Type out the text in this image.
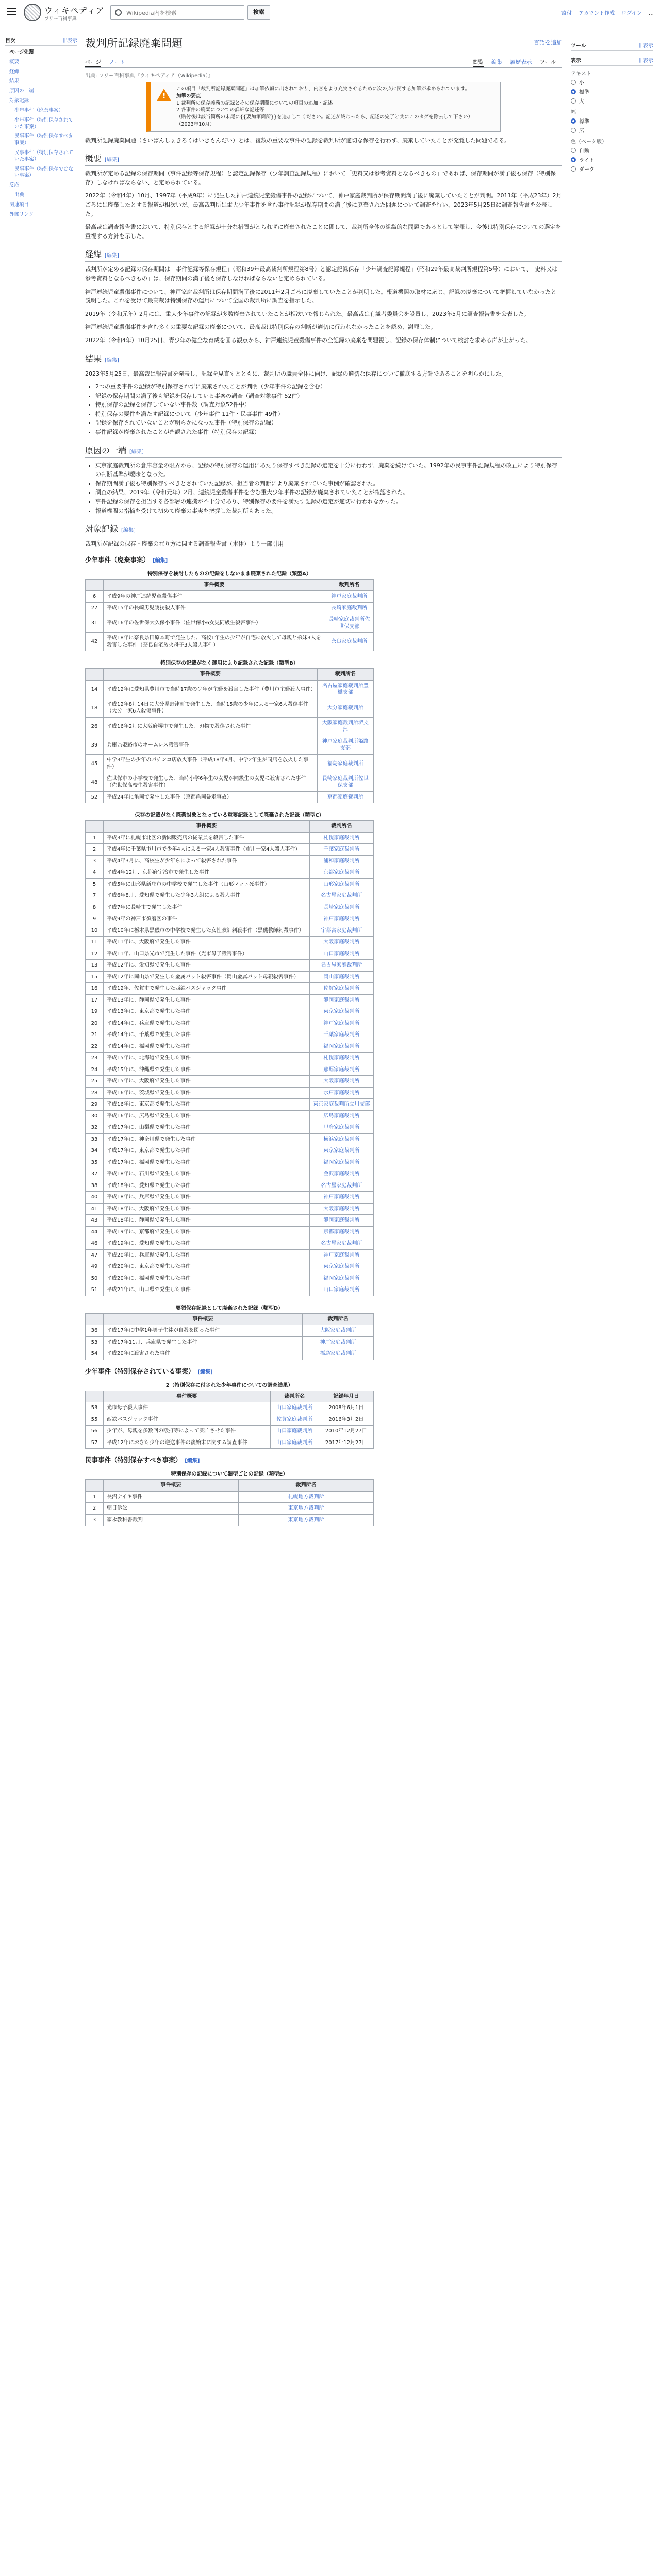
ウィキペディア
フリー百科事典
Wikipedia内を検索
検索	寄付 アカウント作成 ログイン …
目次	非表示
ページ先頭
概要
経緯
結果
原因の一端
対象記録
少年事件（廃棄事案）
少年事件（特別保存されていた事案）
民事事件（特別保存すべき事案）
民事事件（特別保存されていた事案）
民事事件（特別保存ではない事案）
反応
出典
関連項目
外部リンク
裁判所記録廃棄問題	言語を追加
ページ ノート	閲覧 編集 履歴表示 ツール
出典: フリー百科事典『ウィキペディア（Wikipedia）』
!
この項目「裁判所記録廃棄問題」は加筆依頼に出されており、内容をより充実させるために次の点に関する加筆が求められています。
加筆の要点
1.裁判所の保存義務の記録とその保存期間についての項目の追加・記述
2.各事件の廃棄についての詳細な記述等
（貼付後は該当箇所の末尾に{{要加筆箇所}}を追加してください。記述が終わったら、記述の完了と共にこのタグを除去して下さい）
（2023年10月）

裁判所記録廃棄問題（さいばんしょきろくはいきもんだい）とは、複数の重要な事件の記録を裁判所が適切な保存を行わず、廃棄していたことが発覚した問題である。

概要 [編集]

裁判所が定める記録の保存期間（事件記録等保存規程）と認定記録保存（少年調査記録規程）において「史料又は参考資料となるべきもの」であれば、保存期間が満了後も保存（特別保存）しなければならない、と定められている。

2022年（令和4年）10月、1997年（平成9年）に発生した神戸連続児童殺傷事件の記録について、神戸家庭裁判所が保存期間満了後に廃棄していたことが判明。2011年（平成23年）2月ごろには廃棄したとする報道が相次いだ。最高裁判所は重大少年事件を含む事件記録が保存期間の満了後に廃棄された問題について調査を行い、2023年5月25日に調査報告書を公表した。

最高裁は調査報告書において、特別保存とする記録が十分な措置がとられずに廃棄されたことに関して、裁判所全体の組織的な問題であるとして謝罪し、今後は特別保存についての選定を重視する方針を示した。

経緯 [編集]

裁判所が定める記録の保存期間は「事件記録等保存規程」（昭和39年最高裁判所規程第8号）と認定記録保存「少年調査記録規程」（昭和29年最高裁判所規程第5号）において、「史料又は参考資料となるべきもの」は、保存期間の満了後も保存しなければならないと定められている。

神戸連続児童殺傷事件について、神戸家庭裁判所は保存期間満了後に2011年2月ごろに廃棄していたことが判明した。報道機関の取材に応じ、記録の廃棄について把握していなかったと説明した。これを受けて最高裁は特別保存の運用について全国の裁判所に調査を指示した。

2019年（令和元年）2月には、重大少年事件の記録が多数廃棄されていたことが相次いで報じられた。最高裁は有識者委員会を設置し、2023年5月に調査報告書を公表した。

神戸連続児童殺傷事件を含む多くの重要な記録の廃棄について、最高裁は特別保存の判断が適切に行われなかったことを認め、謝罪した。

2022年（令和4年）10月25日、青少年の健全な育成を図る観点から、神戸連続児童殺傷事件の全記録の廃棄を問題視し、記録の保存体制について検討を求める声が上がった。

結果 [編集]

2023年5月25日、最高裁は報告書を発表し、記録を見直すとともに、裁判所の職員全体に向け、記録の適切な保存について徹底する方針であることを明らかにした。

• 2つの重要事件の記録が特別保存されずに廃棄されたことが判明（少年事件の記録を含む）
• 記録の保存期間の満了後も記録を保存している事案の調査（調査対象事件 52件）
• 特別保存の記録を保存していない事件数（調査対象52件中）
• 特別保存の要件を満たす記録について（少年事件 11件・民事事件 49件）
• 記録を保存されていないことが明らかになった事件（特別保存の記録）
• 事件記録が廃棄されたことが確認された事件（特別保存の記録）
原因の一端 [編集]
• 東京家庭裁判所の倉庫容量の限界から、記録の特別保存の運用にあたり保存すべき記録の選定を十分に行わず、廃棄を続けていた。1992年の民事事件記録規程の改正により特別保存の判断基準が曖昧となった。
• 保存期間満了後も特別保存すべきとされていた記録が、担当者の判断により廃棄されていた事例が確認された。
• 調査の結果、2019年（令和元年）2月、連続児童殺傷事件を含む重大少年事件の記録が廃棄されていたことが確認された。
• 事件記録の保存を担当する各部署の連携が不十分であり、特別保存の要件を満たす記録の選定が適切に行われなかった。
• 報道機関の指摘を受けて初めて廃棄の事実を把握した裁判所もあった。
対象記録 [編集]

裁判所が記録の保存・廃棄の在り方に関する調査報告書（本体）より一部引用

少年事件（廃棄事案） [編集]
特別保存を検討したものの記録をしないまま廃棄された記録（類型A）
	事件概要	裁判所名
6	平成9年の神戸連続児童殺傷事件	神戸家庭裁判所
27	平成15年の長崎男児誘拐殺人事件	長崎家庭裁判所
31	平成16年の佐世保大久保小事件（佐世保小6女児同級生殺害事件）	長崎家庭裁判所佐世保支部
42	平成18年に奈良県田原本町で発生した、高校1年生の少年が自宅に放火して母親と弟妹3人を殺害した事件（奈良自宅放火母子3人殺人事件）	奈良家庭裁判所
特別保存の記載がなく運用により記録された記録（類型B）
	事件概要	裁判所名
14	平成12年に愛知県豊川市で当時17歳の少年が主婦を殺害した事件（豊川市主婦殺人事件）	名古屋家庭裁判所豊橋支部
18	平成12年8月14日に大分県野津町で発生した、当時15歳の少年による一家6人殺傷事件（大分一家6人殺傷事件）	大分家庭裁判所
26	平成16年2月に大阪府堺市で発生した、刃物で殺傷された事件	大阪家庭裁判所堺支部
39	兵庫県姫路市のホームレス殺害事件	神戸家庭裁判所姫路支部
45	中学3年生の少年のパチンコ店放火事件（平成18年4月、中学2年生が同店を放火した事件）	福島家庭裁判所
48	佐世保市の小学校で発生した、当時小学6年生の女児が同級生の女児に殺害された事件（佐世保高校生殺害事件）	長崎家庭裁判所佐世保支部
52	平成24年に亀岡で発生した事件（京都亀岡暴走事故）	京都家庭裁判所
保存の記載がなく廃棄対象となっている重要記録として廃棄された記録（類型C）
	事件概要	裁判所名
1	平成3年に札幌市北区の新聞販売店の従業員を殺害した事件	札幌家庭裁判所
2	平成4年に千葉県市川市で少年4人による一家4人殺害事件（市川一家4人殺人事件）	千葉家庭裁判所
3	平成4年3月に、高校生が少年らによって殺害された事件	浦和家庭裁判所
4	平成4年12月、京都府宇治市で発生した事件	京都家庭裁判所
5	平成5年に山形県新庄市の中学校で発生した事件（山形マット死事件）	山形家庭裁判所
7	平成6年8月、愛知県で発生した少年3人組による殺人事件	名古屋家庭裁判所
8	平成7年に長崎市で発生した事件	長崎家庭裁判所
9	平成9年の神戸市須磨区の事件	神戸家庭裁判所
10	平成10年に栃木県黒磯市の中学校で発生した女性教師刺殺事件（黒磯教師刺殺事件）	宇都宮家庭裁判所
11	平成11年に、大阪府で発生した事件	大阪家庭裁判所
12	平成11年、山口県光市で発生した事件（光市母子殺害事件）	山口家庭裁判所
13	平成12年に、愛知県で発生した事件	名古屋家庭裁判所
15	平成12年に岡山県で発生した金属バット殺害事件（岡山金属バット母親殺害事件）	岡山家庭裁判所
16	平成12年、佐賀市で発生した西鉄バスジャック事件	佐賀家庭裁判所
17	平成13年に、静岡県で発生した事件	静岡家庭裁判所
19	平成13年に、東京都で発生した事件	東京家庭裁判所
20	平成14年に、兵庫県で発生した事件	神戸家庭裁判所
21	平成14年に、千葉県で発生した事件	千葉家庭裁判所
22	平成14年に、福岡県で発生した事件	福岡家庭裁判所
23	平成15年に、北海道で発生した事件	札幌家庭裁判所
24	平成15年に、沖縄県で発生した事件	那覇家庭裁判所
25	平成15年に、大阪府で発生した事件	大阪家庭裁判所
28	平成16年に、茨城県で発生した事件	水戸家庭裁判所
29	平成16年に、東京都で発生した事件	東京家庭裁判所立川支部
30	平成16年に、広島県で発生した事件	広島家庭裁判所
32	平成17年に、山梨県で発生した事件	甲府家庭裁判所
33	平成17年に、神奈川県で発生した事件	横浜家庭裁判所
34	平成17年に、東京都で発生した事件	東京家庭裁判所
35	平成17年に、福岡県で発生した事件	福岡家庭裁判所
37	平成18年に、石川県で発生した事件	金沢家庭裁判所
38	平成18年に、愛知県で発生した事件	名古屋家庭裁判所
40	平成18年に、兵庫県で発生した事件	神戸家庭裁判所
41	平成18年に、大阪府で発生した事件	大阪家庭裁判所
43	平成18年に、静岡県で発生した事件	静岡家庭裁判所
44	平成19年に、京都府で発生した事件	京都家庭裁判所
46	平成19年に、愛知県で発生した事件	名古屋家庭裁判所
47	平成20年に、兵庫県で発生した事件	神戸家庭裁判所
49	平成20年に、東京都で発生した事件	東京家庭裁判所
50	平成20年に、福岡県で発生した事件	福岡家庭裁判所
51	平成21年に、山口県で発生した事件	山口家庭裁判所
要領保存記録として廃棄された記録（類型D）
	事件概要	裁判所名
36	平成17年に中学1年男子生徒が自殺を図った事件	大阪家庭裁判所
53	平成17年11月、兵庫県で発生した事件	神戸家庭裁判所
54	平成20年に殺害された事件	福島家庭裁判所
少年事件（特別保存されている事案） [編集]
2（特別保存に付された少年事件についての調査結果）
	事件概要	裁判所名	記録年月日
53	光市母子殺人事件	山口家庭裁判所	2008年6月1日
55	西鉄バスジャック事件	佐賀家庭裁判所	2016年3月2日
56	少年が、母親を多数回の殴打等によって死亡させた事件	山口家庭裁判所	2010年12月27日
57	平成12年におきた少年の逆送事件の後始末に関する調査事件	山口家庭裁判所	2017年12月27日
民事事件（特別保存すべき事案） [編集]
特別保存の記録について類型ごとの記録（類型E）
	事件概要	裁判所名
1	長沼ナイキ事件	札幌地方裁判所
2	朝日訴訟	東京地方裁判所
3	家永教科書裁判	東京地方裁判所
ツール	非表示
表示	非表示
テキスト
小
標準
大
幅
標準
広
色（ベータ版）
自動
ライト
ダーク
